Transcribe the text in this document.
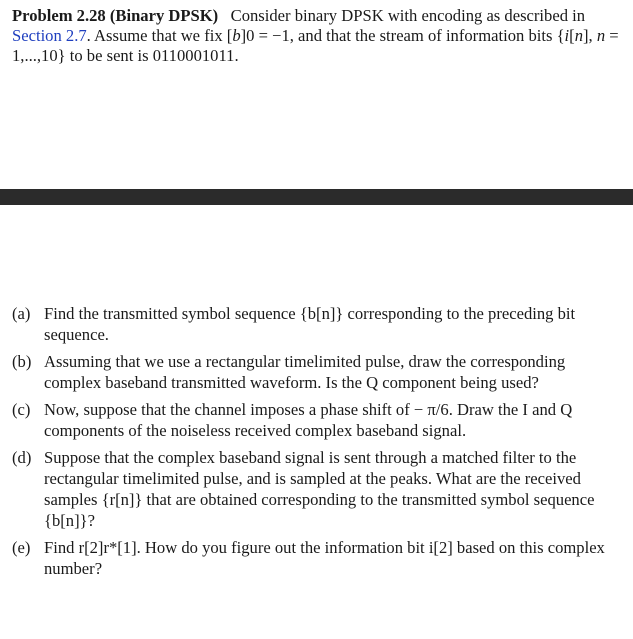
Problem 2.28 (Binary DPSK) Consider binary DPSK with encoding as described in Section 2.7. Assume that we fix [b]0 = −1, and that the stream of information bits {i[n], n = 1,...,10} to be sent is 0110001011.
(a) Find the transmitted symbol sequence {b[n]} corresponding to the preceding bit sequence.
(b) Assuming that we use a rectangular timelimited pulse, draw the corresponding complex baseband transmitted waveform. Is the Q component being used?
(c) Now, suppose that the channel imposes a phase shift of − π/6. Draw the I and Q components of the noiseless received complex baseband signal.
(d) Suppose that the complex baseband signal is sent through a matched filter to the rectangular timelimited pulse, and is sampled at the peaks. What are the received samples {r[n]} that are obtained corresponding to the transmitted symbol sequence {b[n]}?
(e) Find r[2]r*[1]. How do you figure out the information bit i[2] based on this complex number?
